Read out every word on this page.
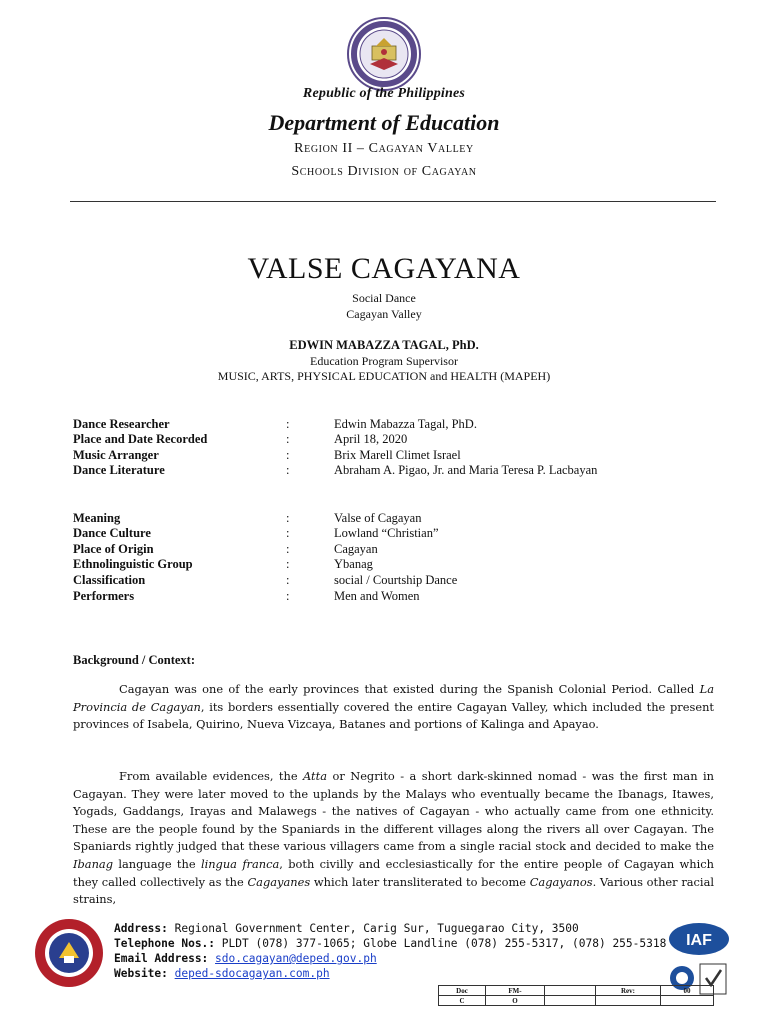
Republic of the Philippines
Department of Education
Region II – Cagayan Valley
Schools Division of Cagayan
VALSE CAGAYANA
Social Dance
Cagayan Valley
EDWIN MABAZZA TAGAL, PhD.
Education Program Supervisor
MUSIC, ARTS, PHYSICAL EDUCATION and HEALTH (MAPEH)
Dance Researcher	:	Edwin Mabazza Tagal, PhD.
Place and Date Recorded	:	April 18, 2020
Music Arranger	:	Brix Marell Climet Israel
Dance Literature	:	Abraham A. Pigao, Jr. and Maria Teresa P. Lacbayan
Meaning	:	Valse of Cagayan
Dance Culture	:	Lowland “Christian”
Place of Origin	:	Cagayan
Ethnolinguistic Group	:	Ybanag
Classification	:	social / Courtship Dance
Performers	:	Men and Women
Background / Context:
Cagayan was one of the early provinces that existed during the Spanish Colonial Period. Called La Provincia de Cagayan, its borders essentially covered the entire Cagayan Valley, which included the present provinces of Isabela, Quirino, Nueva Vizcaya, Batanes and portions of Kalinga and Apayao.
From available evidences, the Atta or Negrito - a short dark-skinned nomad - was the first man in Cagayan. They were later moved to the uplands by the Malays who eventually became the Ibanags, Itawes, Yogads, Gaddangs, Irayas and Malawegs - the natives of Cagayan - who actually came from one ethnicity. These are the people found by the Spaniards in the different villages along the rivers all over Cagayan. The Spaniards rightly judged that these various villagers came from a single racial stock and decided to make the Ibanag language the lingua franca, both civilly and ecclesiastically for the entire people of Cagayan which they called collectively as the Cagayanes which later transliterated to become Cagayanos. Various other racial strains,
Address: Regional Government Center, Carig Sur, Tuguegarao City, 3500
Telephone Nos.: PLDT (078) 377-1065; Globe Landline (078) 255-5317, (078) 255-5318
Email Address: sdo.cagayan@deped.gov.ph
Website: deped-sdocagayan.com.ph
IAF
Doc	FM-		Rev:	00
C	O			
